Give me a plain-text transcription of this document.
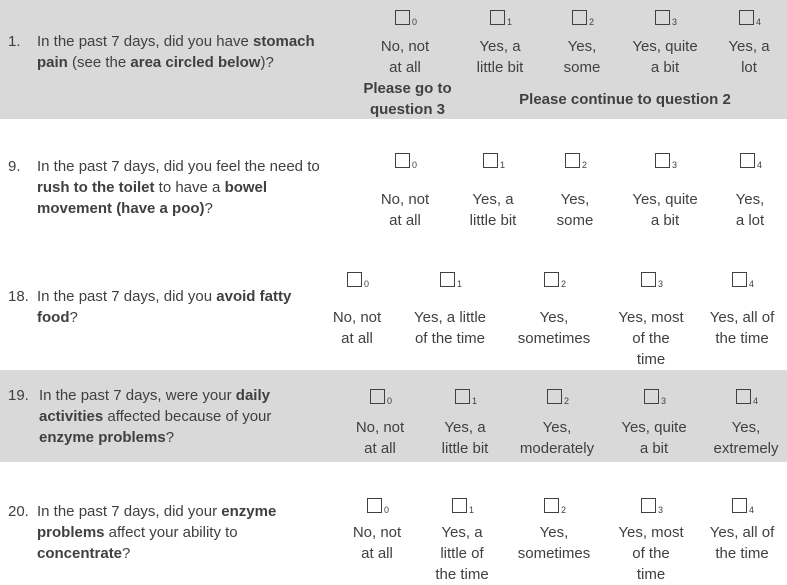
1. In the past 7 days, did you have stomach
pain (see the area circled below)?
0
No, not
at all
1
Yes, a
little bit
2
Yes,
some
3
Yes, quite
a bit
4
Yes, a
lot
Please go to
question 3
Please continue to question 2
9. In the past 7 days, did you feel the need to
rush to the toilet to have a bowel
movement (have a poo)?
0
No, not
at all
1
Yes, a
little bit
2
Yes,
some
3
Yes, quite
a bit
4
Yes,
a lot
18. In the past 7 days, did you avoid fatty
food?
0
No, not
at all
1
Yes, a little
of the time
2
Yes,
sometimes
3
Yes, most
of the
time
4
Yes, all of
the time
19. In the past 7 days, were your daily
activities affected because of your
enzyme problems?
0
No, not
at all
1
Yes, a
little bit
2
Yes,
moderately
3
Yes, quite
a bit
4
Yes,
extremely
20. In the past 7 days, did your enzyme
problems affect your ability to
concentrate?
0
No, not
at all
1
Yes, a
little of
the time
2
Yes,
sometimes
3
Yes, most
of the
time
4
Yes, all of
the time
